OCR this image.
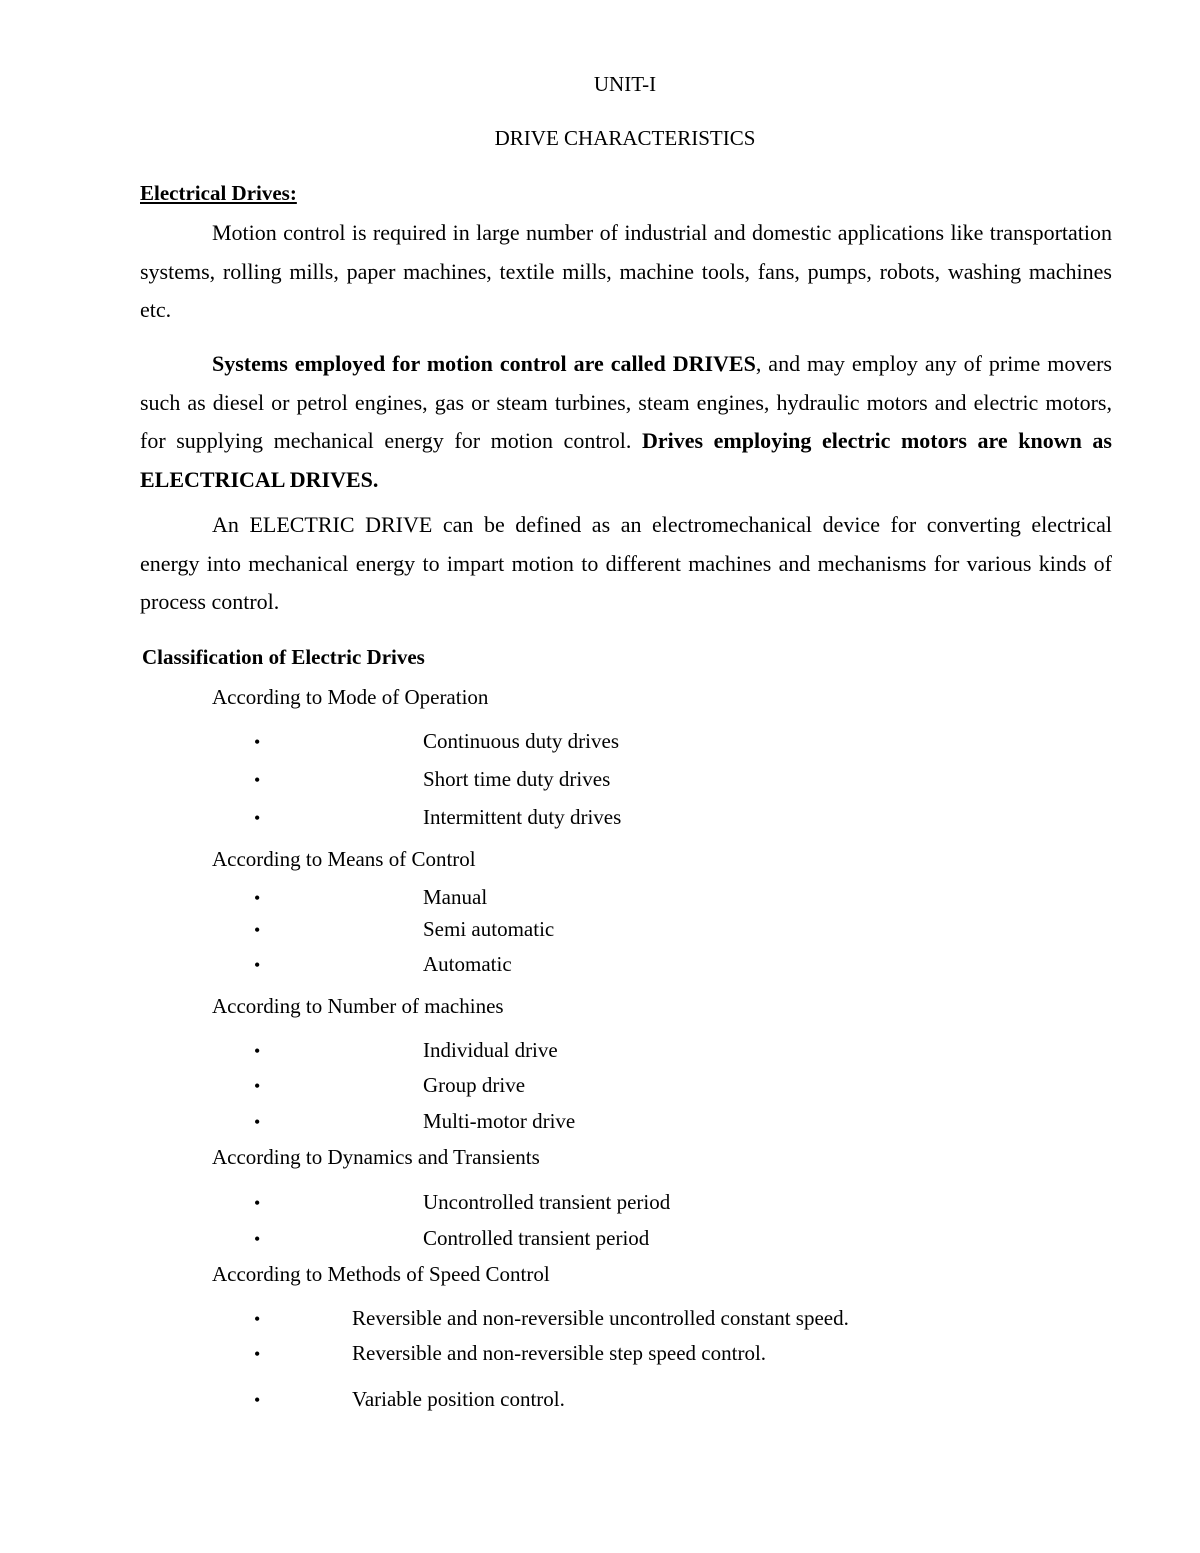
UNIT-I
DRIVE CHARACTERISTICS
Electrical Drives:
Motion control is required in large number of industrial and domestic applications like transportation systems, rolling mills, paper machines, textile mills, machine tools, fans, pumps, robots, washing machines etc.
Systems employed for motion control are called DRIVES, and may employ any of prime movers such as diesel or petrol engines, gas or steam turbines, steam engines, hydraulic motors and electric motors, for supplying mechanical energy for motion control. Drives employing electric motors are known as ELECTRICAL DRIVES.
An ELECTRIC DRIVE can be defined as an electromechanical device for converting electrical energy into mechanical energy to impart motion to different machines and mechanisms for various kinds of process control.
Classification of Electric Drives
According to Mode of Operation
•	Continuous duty drives
•	Short time duty drives
•	Intermittent duty drives
According to Means of Control
•	Manual
•	Semi automatic
•	Automatic
According to Number of machines
•	Individual drive
•	Group drive
•	Multi-motor drive
According to Dynamics and Transients
•	Uncontrolled transient period
•	Controlled transient period
According to Methods of Speed Control
•	Reversible and non-reversible uncontrolled constant speed.
•	Reversible and non-reversible step speed control.
•	Variable position control.
